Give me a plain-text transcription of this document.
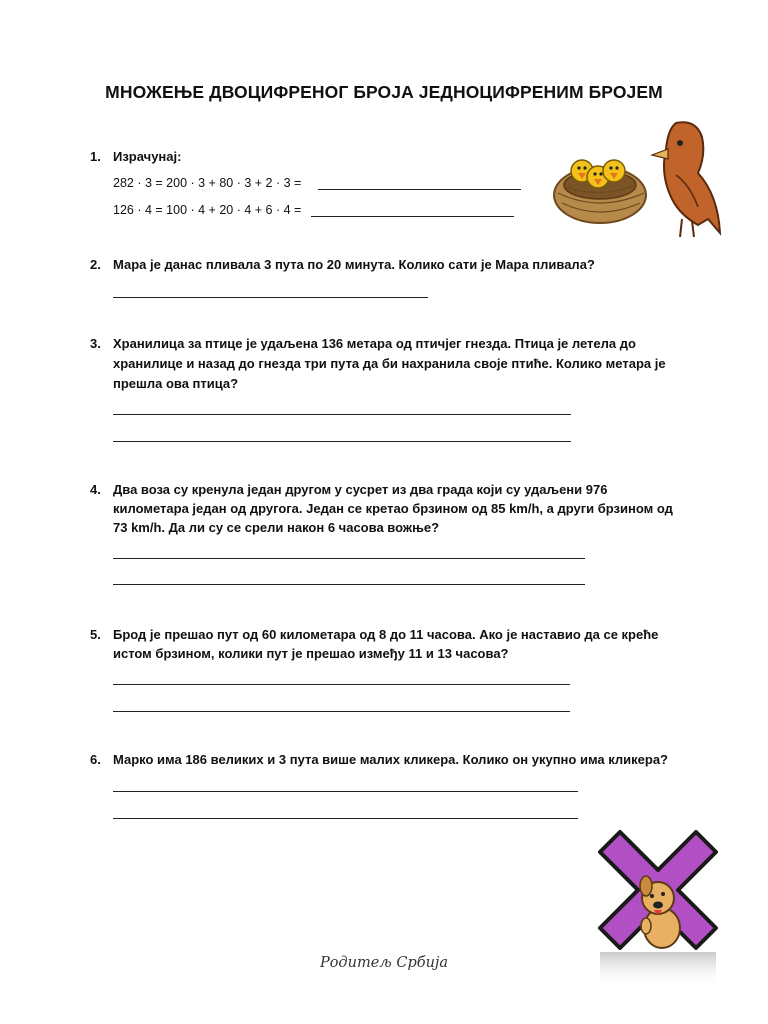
МНОЖЕЊЕ ДВОЦИФРЕНОГ БРОЈА ЈЕДНОЦИФРЕНИМ БРОЈЕМ
1. Израчунај:
282 · 3 = 200 · 3 + 80 · 3 + 2 · 3 =
126 · 4 = 100 · 4 + 20 · 4 + 6 · 4 =
2. Мара је данас пливала 3 пута по 20 минута. Колико сати је Мара пливала?
3. Хранилица за птице је удаљена 136 метара од птичјег гнезда. Птица је летела до
хранилице и назад до гнезда три пута да би нахранила своје птиће. Колико метара је
прешла ова птица?
4. Два воза су кренула један другом у сусрет из два града који су удаљени 976
километара један од другога. Један се кретао брзином од 85 km/h, а други брзином од
73 km/h. Да ли су се срели након 6 часова вожње?
5. Брод је прешао пут од 60 километара од 8 до 11 часова. Ако је наставио да се креће
истом брзином, колики пут је прешао између 11 и 13 часова?
6. Марко има 186 великих и 3 пута више малих кликера. Колико он укупно има кликера?
Родитељ Србија
